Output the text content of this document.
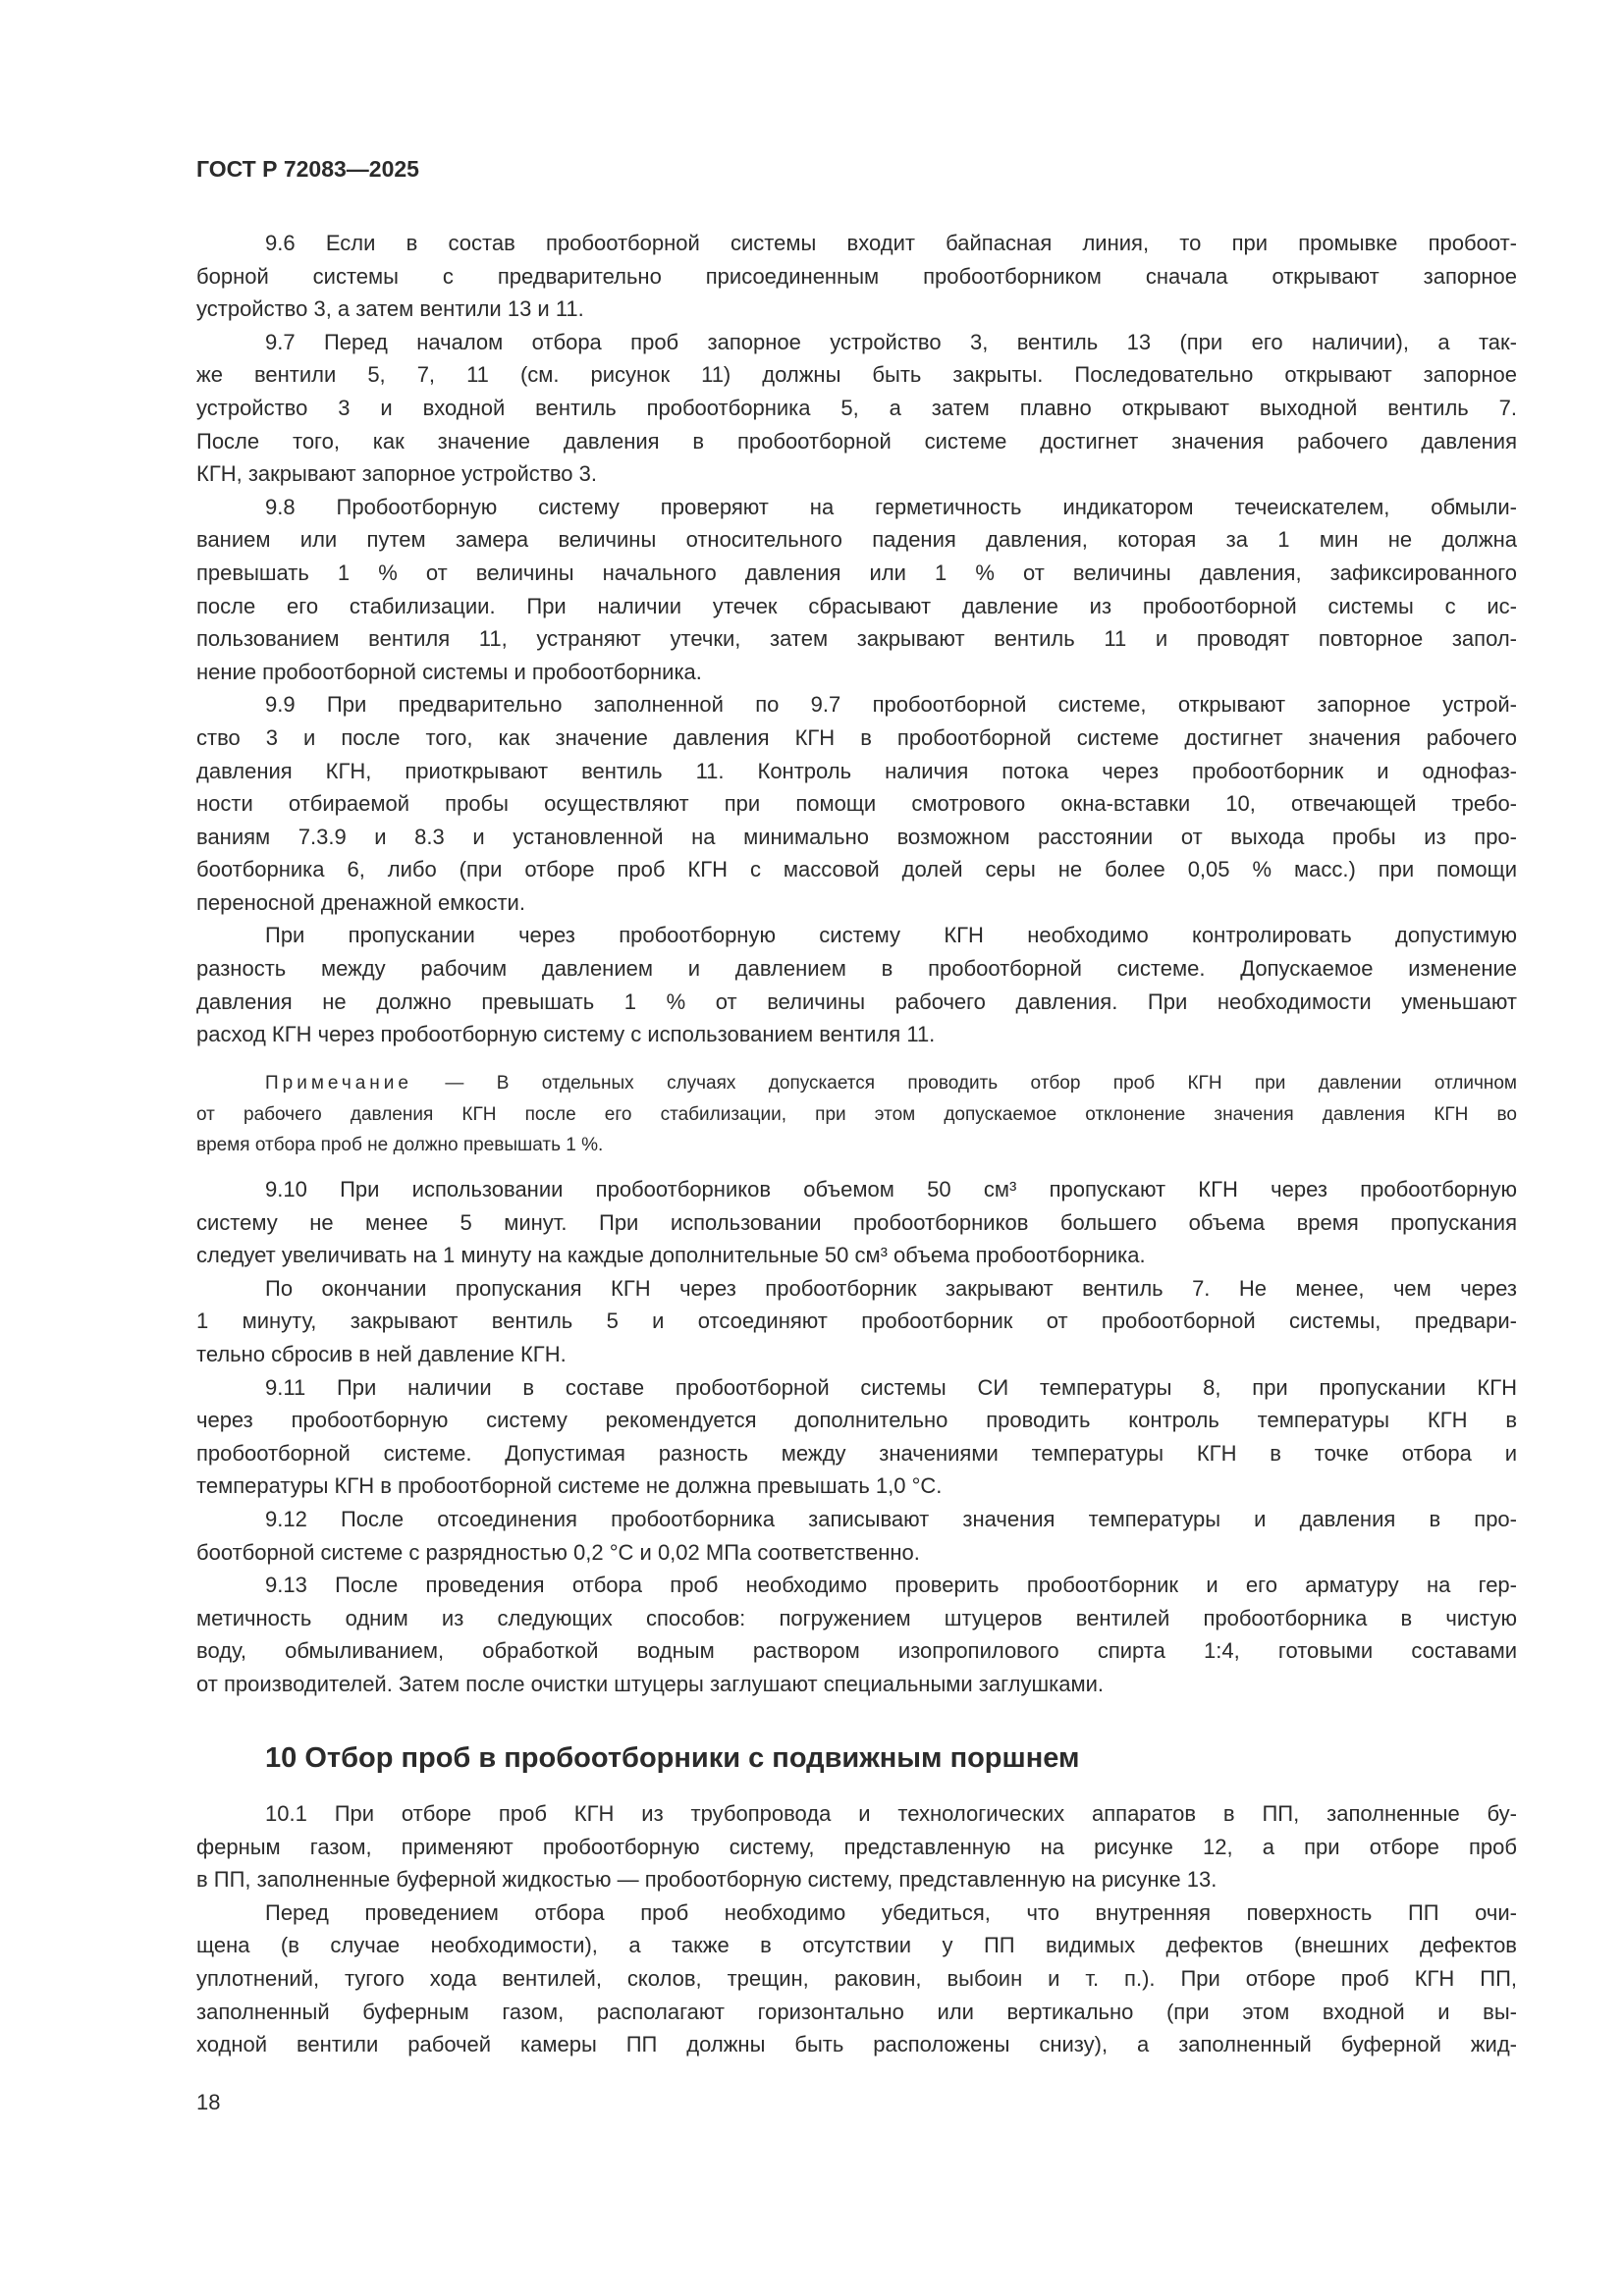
ГОСТ Р 72083—2025
9.6 Если в состав пробоотборной системы входит байпасная линия, то при промывке пробоот-
борной системы с предварительно присоединенным пробоотборником сначала открывают запорное
устройство 3, а затем вентили 13 и 11.
9.7 Перед началом отбора проб запорное устройство 3, вентиль 13 (при его наличии), а так-
же вентили 5, 7, 11 (см. рисунок 11) должны быть закрыты. Последовательно открывают запорное
устройство 3 и входной вентиль пробоотборника 5, а затем плавно открывают выходной вентиль 7.
После того, как значение давления в пробоотборной системе достигнет значения рабочего давления
КГН, закрывают запорное устройство 3.
9.8 Пробоотборную систему проверяют на герметичность индикатором течеискателем, обмыли-
ванием или путем замера величины относительного падения давления, которая за 1 мин не должна
превышать 1 % от величины начального давления или 1 % от величины давления, зафиксированного
после его стабилизации. При наличии утечек сбрасывают давление из пробоотборной системы с ис-
пользованием вентиля 11, устраняют утечки, затем закрывают вентиль 11 и проводят повторное запол-
нение пробоотборной системы и пробоотборника.
9.9 При предварительно заполненной по 9.7 пробоотборной системе, открывают запорное устрой-
ство 3 и после того, как значение давления КГН в пробоотборной системе достигнет значения рабочего
давления КГН, приоткрывают вентиль 11. Контроль наличия потока через пробоотборник и однофаз-
ности отбираемой пробы осуществляют при помощи смотрового окна-вставки 10, отвечающей требо-
ваниям 7.3.9 и 8.3 и установленной на минимально возможном расстоянии от выхода пробы из про-
боотборника 6, либо (при отборе проб КГН с массовой долей серы не более 0,05 % масс.) при помощи
переносной дренажной емкости.
При пропускании через пробоотборную систему КГН необходимо контролировать допустимую
разность между рабочим давлением и давлением в пробоотборной системе. Допускаемое изменение
давления не должно превышать 1 % от величины рабочего давления. При необходимости уменьшают
расход КГН через пробоотборную систему с использованием вентиля 11.
Примечание — В отдельных случаях допускается проводить отбор проб КГН при давлении отличном
от рабочего давления КГН после его стабилизации, при этом допускаемое отклонение значения давления КГН во
время отбора проб не должно превышать 1 %.
9.10 При использовании пробоотборников объемом 50 см³ пропускают КГН через пробоотборную
систему не менее 5 минут. При использовании пробоотборников большего объема время пропускания
следует увеличивать на 1 минуту на каждые дополнительные 50 см³ объема пробоотборника.
По окончании пропускания КГН через пробоотборник закрывают вентиль 7. Не менее, чем через
1 минуту, закрывают вентиль 5 и отсоединяют пробоотборник от пробоотборной системы, предвари-
тельно сбросив в ней давление КГН.
9.11 При наличии в составе пробоотборной системы СИ температуры 8, при пропускании КГН
через пробоотборную систему рекомендуется дополнительно проводить контроль температуры КГН в
пробоотборной системе. Допустимая разность между значениями температуры КГН в точке отбора и
температуры КГН в пробоотборной системе не должна превышать 1,0 °С.
9.12 После отсоединения пробоотборника записывают значения температуры и давления в про-
боотборной системе с разрядностью 0,2 °С и 0,02 МПа соответственно.
9.13 После проведения отбора проб необходимо проверить пробоотборник и его арматуру на гер-
метичность одним из следующих способов: погружением штуцеров вентилей пробоотборника в чистую
воду, обмыливанием, обработкой водным раствором изопропилового спирта 1:4, готовыми составами
от производителей. Затем после очистки штуцеры заглушают специальными заглушками.
10 Отбор проб в пробоотборники с подвижным поршнем
10.1 При отборе проб КГН из трубопровода и технологических аппаратов в ПП, заполненные бу-
ферным газом, применяют пробоотборную систему, представленную на рисунке 12, а при отборе проб
в ПП, заполненные буферной жидкостью — пробоотборную систему, представленную на рисунке 13.
Перед проведением отбора проб необходимо убедиться, что внутренняя поверхность ПП очи-
щена (в случае необходимости), а также в отсутствии у ПП видимых дефектов (внешних дефектов
уплотнений, тугого хода вентилей, сколов, трещин, раковин, выбоин и т. п.). При отборе проб КГН ПП,
заполненный буферным газом, располагают горизонтально или вертикально (при этом входной и вы-
ходной вентили рабочей камеры ПП должны быть расположены снизу), а заполненный буферной жид-
18
